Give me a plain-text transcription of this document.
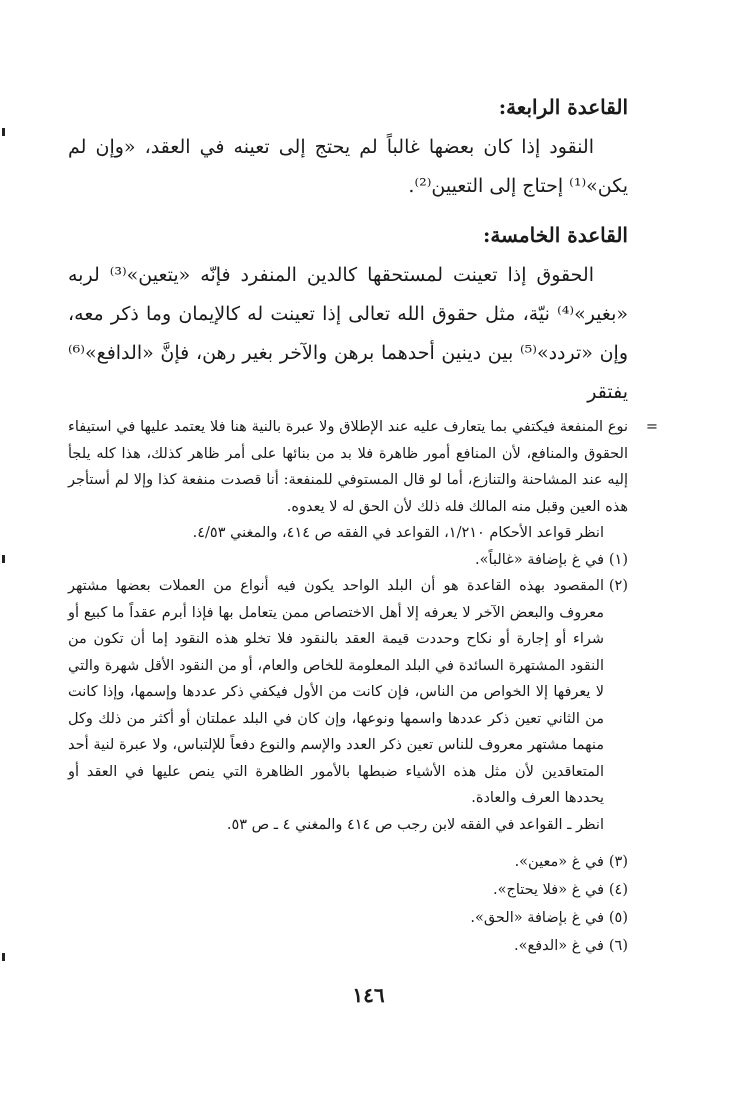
القاعدة الرابعة:

النقود إذا كان بعضها غالباً لم يحتج إلى تعينه في العقد، «وإن لم يكن»⁽¹⁾ إحتاج إلى التعيين⁽²⁾.

القاعدة الخامسة:

الحقوق إذا تعينت لمستحقها كالدين المنفرد فإنّه «يتعين»⁽³⁾ لربه «بغير»⁽⁴⁾ نيّة، مثل حقوق الله تعالى إذا تعينت له كالإيمان وما ذكر معه، وإن «تردد»⁽⁵⁾ بين دينين أحدهما برهن والآخر بغير رهن، فإنَّ «الدافع»⁽⁶⁾ يفتقر

=
نوع المنفعة فيكتفي بما يتعارف عليه عند الإطلاق ولا عبرة بالنية هنا فلا يعتمد عليها في استيفاء الحقوق والمنافع، لأن المنافع أمور ظاهرة فلا بد من بنائها على أمر ظاهر كذلك، هذا كله يلجأ إليه عند المشاحنة والتنازع، أما لو قال المستوفي للمنفعة: أنا قصدت منفعة كذا وإلا لم أستأجر هذه العين وقبل منه المالك فله ذلك لأن الحق له لا يعدوه.
انظر قواعد الأحكام ١/٢١٠، القواعد في الفقه ص ٤١٤، والمغني ٤/٥٣.
(١)
في غ بإضافة «غالباً».
(٢)
المقصود بهذه القاعدة هو أن البلد الواحد يكون فيه أنواع من العملات بعضها مشتهر معروف والبعض الآخر لا يعرفه إلا أهل الاختصاص ممن يتعامل بها فإذا أبرم عقداً ما كبيع أو شراء أو إجارة أو نكاح وحددت قيمة العقد بالنقود فلا تخلو هذه النقود إما أن تكون من النقود المشتهرة السائدة في البلد المعلومة للخاص والعام، أو من النقود الأقل شهرة والتي لا يعرفها إلا الخواص من الناس، فإن كانت من الأول فيكفي ذكر عددها وإسمها، وإذا كانت من الثاني تعين ذكر عددها واسمها ونوعها، وإن كان في البلد عملتان أو أكثر من ذلك وكل منهما مشتهر معروف للناس تعين ذكر العدد والإسم والنوع دفعاً للإلتباس، ولا عبرة لنية أحد المتعاقدين لأن مثل هذه الأشياء ضبطها بالأمور الظاهرة التي ينص عليها في العقد أو يحددها العرف والعادة.
انظر ـ القواعد في الفقه لابن رجب ص ٤١٤ والمغني ٤ ـ ص ٥٣.
(٣)
في غ «معين».
(٤)
في غ «فلا يحتاج».
(٥)
في غ بإضافة «الحق».
(٦)
في غ «الدفع».
١٤٦
